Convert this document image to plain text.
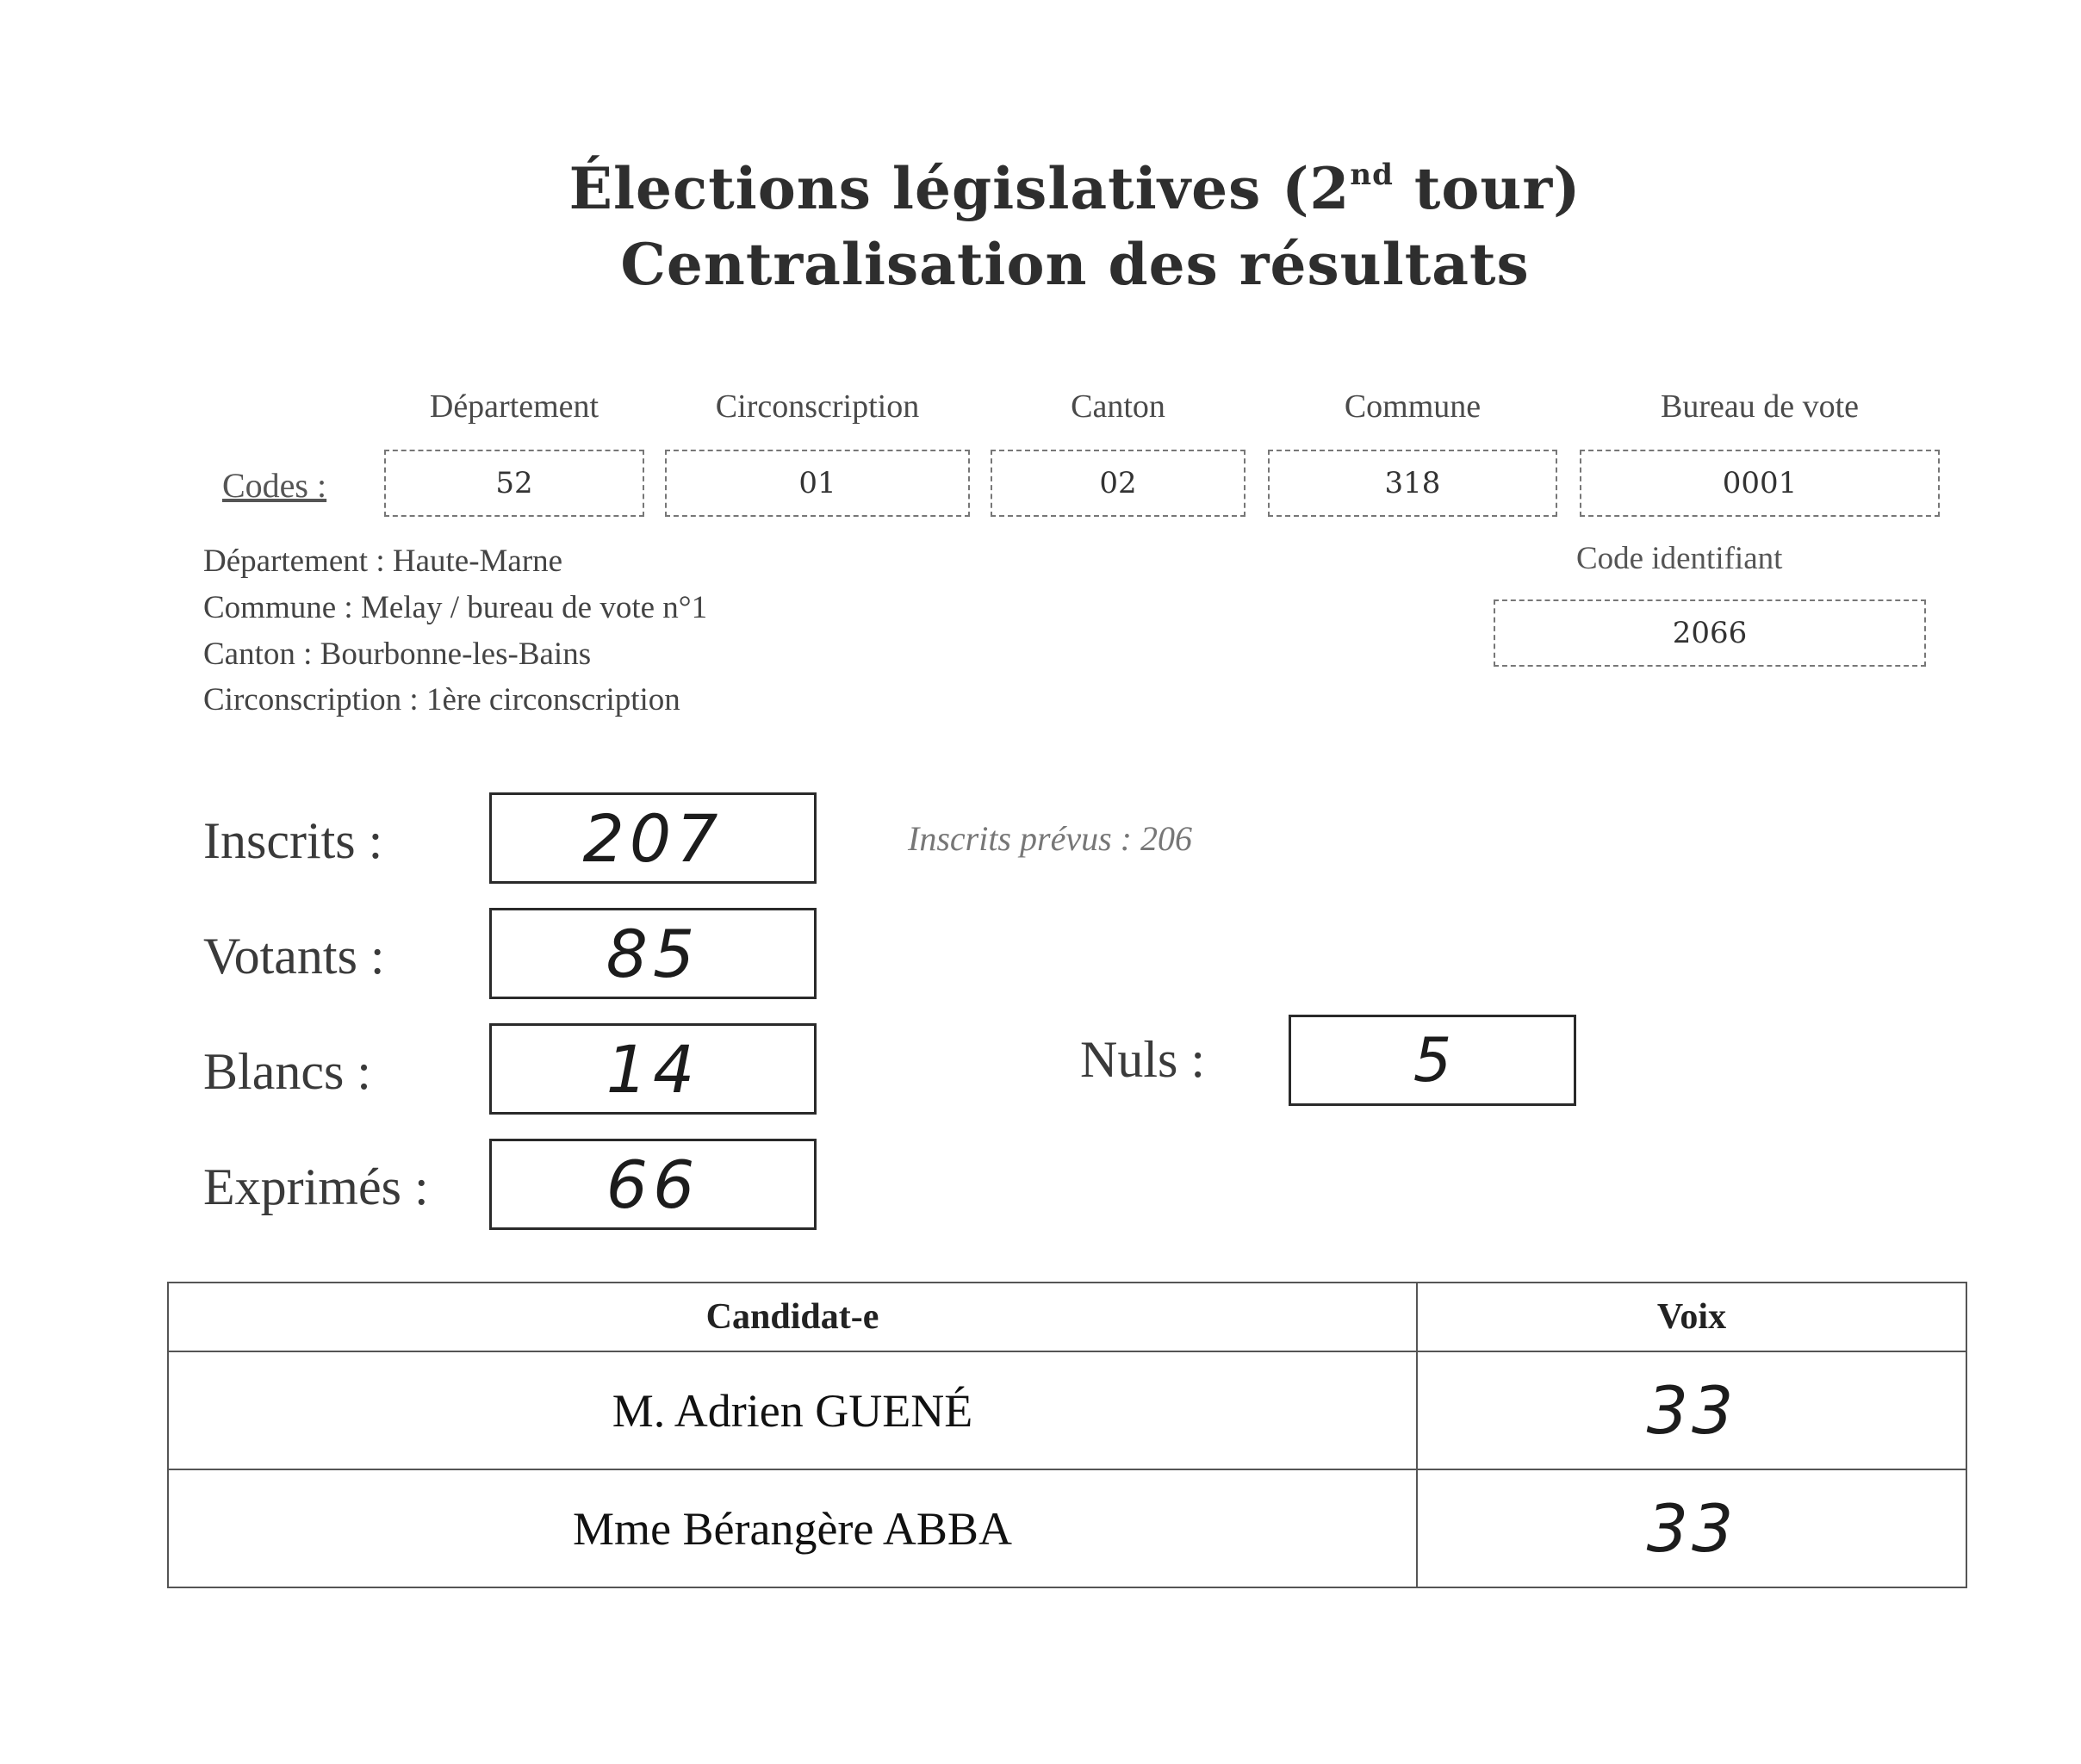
Élections législatives (2nd tour)
Centralisation des résultats
Département	Circonscription	Canton	Commune	Bureau de vote
Codes :	52	01	02	318	0001
Département : Haute-Marne
Commune : Melay / bureau de vote n°1
Canton : Bourbonne-les-Bains
Circonscription : 1ère circonscription
Code identifiant
2066
Inscrits :	207	Inscrits prévus : 206
Votants :	85
Blancs :	14	Nuls :	5
Exprimés :	66
Candidat-e	Voix
M. Adrien GUENÉ	33
Mme Bérangère ABBA	33
